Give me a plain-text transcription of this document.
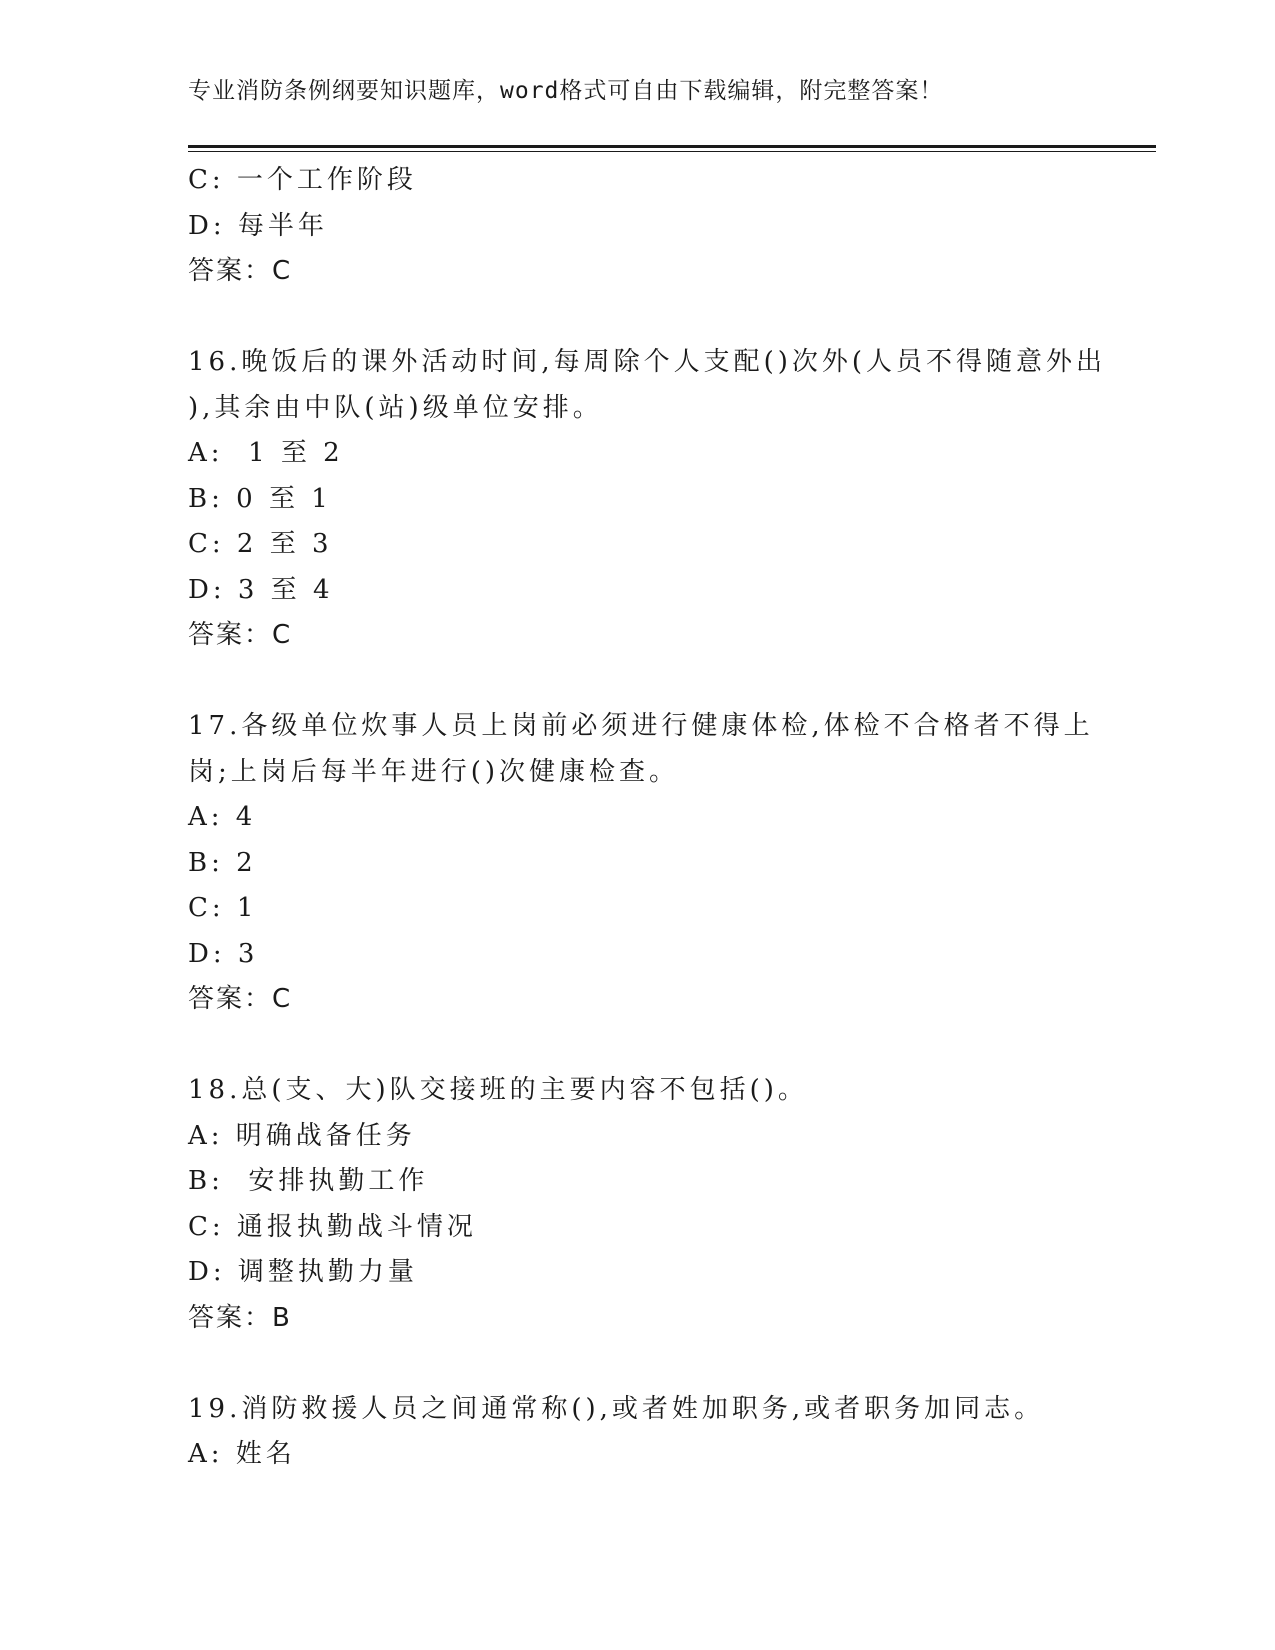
专业消防条例纲要知识题库，word格式可自由下载编辑，附完整答案！
C: 一个工作阶段
D: 每半年
答案：C
16.晚饭后的课外活动时间,每周除个人支配()次外(人员不得随意外出
),其余由中队(站)级单位安排。
A:  1 至 2
B: 0 至 1
C: 2 至 3
D: 3 至 4
答案：C
17.各级单位炊事人员上岗前必须进行健康体检,体检不合格者不得上
岗;上岗后每半年进行()次健康检查。
A: 4
B: 2
C: 1
D: 3
答案：C
18.总(支、大)队交接班的主要内容不包括()。
A: 明确战备任务
B:  安排执勤工作
C: 通报执勤战斗情况
D: 调整执勤力量
答案：B
19.消防救援人员之间通常称(),或者姓加职务,或者职务加同志。
A: 姓名
